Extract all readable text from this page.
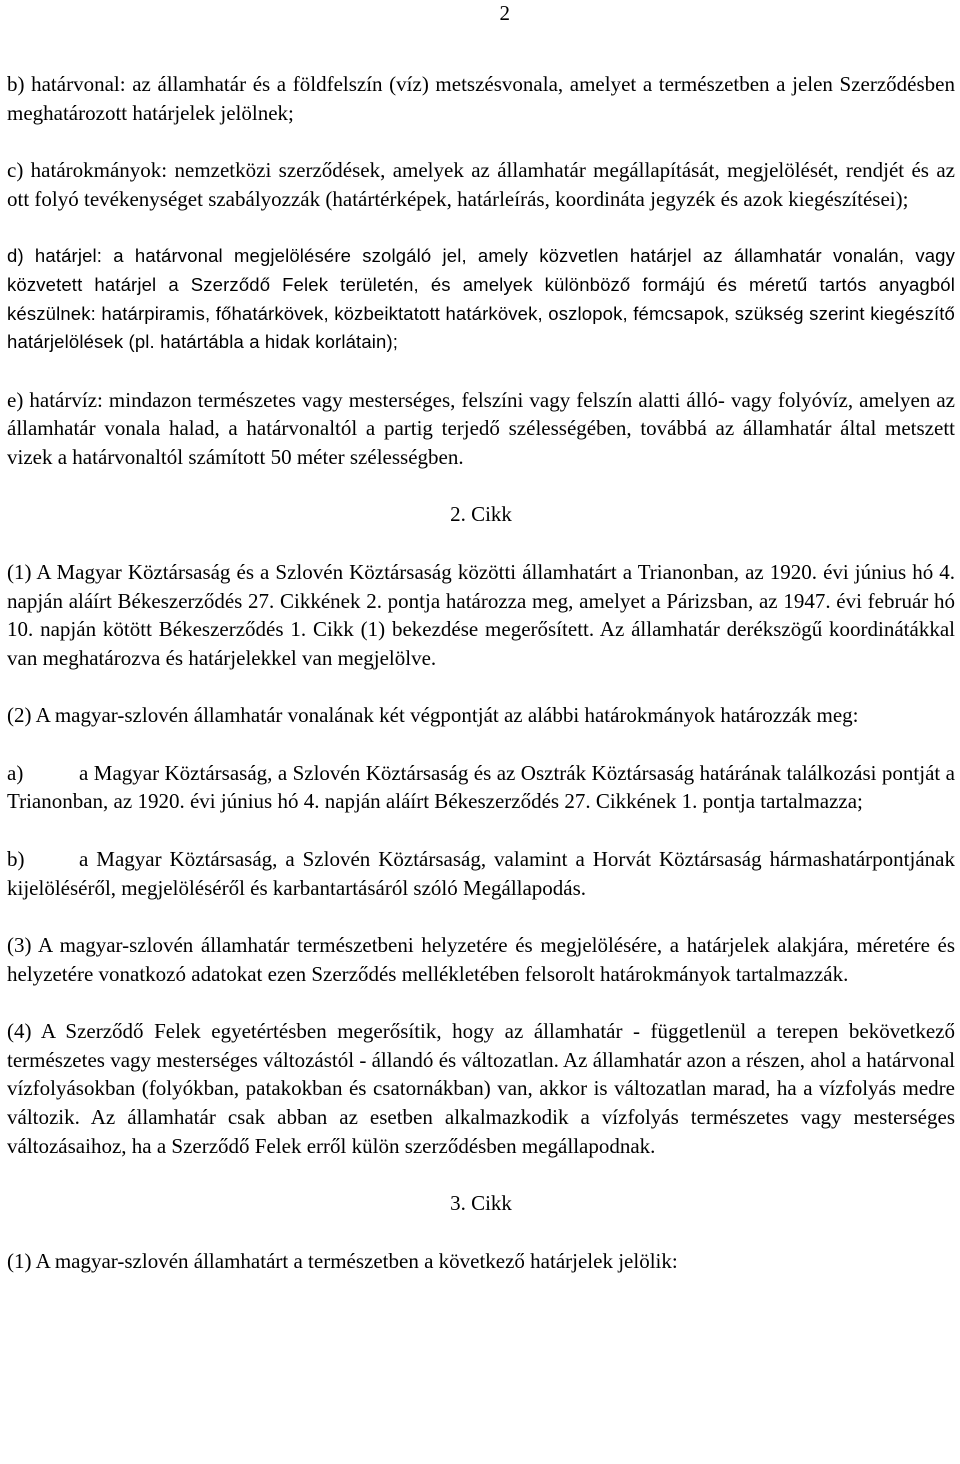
2

b) határvonal: az államhatár és a földfelszín (víz) metszésvonala, amelyet a természetben a jelen Szerződésben meghatározott határjelek jelölnek;

c) határokmányok: nemzetközi szerződések, amelyek az államhatár megállapítását, megjelölését, rendjét és az ott folyó tevékenységet szabályozzák (határtérképek, határleírás, koordináta jegyzék és azok kiegészítései);

d) határjel: a határvonal megjelölésére szolgáló jel, amely közvetlen határjel az államhatár vonalán, vagy közvetett határjel a Szerződő Felek területén, és amelyek különböző formájú és méretű tartós anyagból készülnek: határpiramis, főhatárkövek, közbeiktatott határkövek, oszlopok, fémcsapok, szükség szerint kiegészítő határjelölések (pl. határtábla a hidak korlátain);

e) határvíz: mindazon természetes vagy mesterséges, felszíni vagy felszín alatti álló- vagy folyóvíz, amelyen az államhatár vonala halad, a határvonaltól a partig terjedő szélességében, továbbá az államhatár által metszett vizek a határvonaltól számított 50 méter szélességben.

2. Cikk

(1) A Magyar Köztársaság és a Szlovén Köztársaság közötti államhatárt a Trianonban, az 1920. évi június hó 4. napján aláírt Békeszerződés 27. Cikkének 2. pontja határozza meg, amelyet a Párizsban, az 1947. évi február hó 10. napján kötött Békeszerződés 1. Cikk (1) bekezdése megerősített. Az államhatár derékszögű koordinátákkal van meghatározva és határjelekkel van megjelölve.

(2) A magyar-szlovén államhatár vonalának két végpontját az alábbi határokmányok határozzák meg:

a)	a Magyar Köztársaság, a Szlovén Köztársaság és az Osztrák Köztársaság határának találkozási pontját a Trianonban, az 1920. évi június hó 4. napján aláírt Békeszerződés 27. Cikkének 1. pontja tartalmazza;

b)	a Magyar Köztársaság, a Szlovén Köztársaság, valamint a Horvát Köztársaság hármashatárpontjának kijelöléséről, megjelöléséről és karbantartásáról szóló Megállapodás.

(3) A magyar-szlovén államhatár természetbeni helyzetére és megjelölésére, a határjelek alakjára, méretére és helyzetére vonatkozó adatokat ezen Szerződés mellékletében felsorolt határokmányok tartalmazzák.

(4) A Szerződő Felek egyetértésben megerősítik, hogy az államhatár - függetlenül a terepen bekövetkező természetes vagy mesterséges változástól - állandó és változatlan. Az államhatár azon a részen, ahol a határvonal vízfolyásokban (folyókban, patakokban és csatornákban) van, akkor is változatlan marad, ha a vízfolyás medre változik. Az államhatár csak abban az esetben alkalmazkodik a vízfolyás természetes vagy mesterséges változásaihoz, ha a Szerződő Felek erről külön szerződésben megállapodnak.

3. Cikk

(1) A magyar-szlovén államhatárt a természetben a következő határjelek jelölik:
